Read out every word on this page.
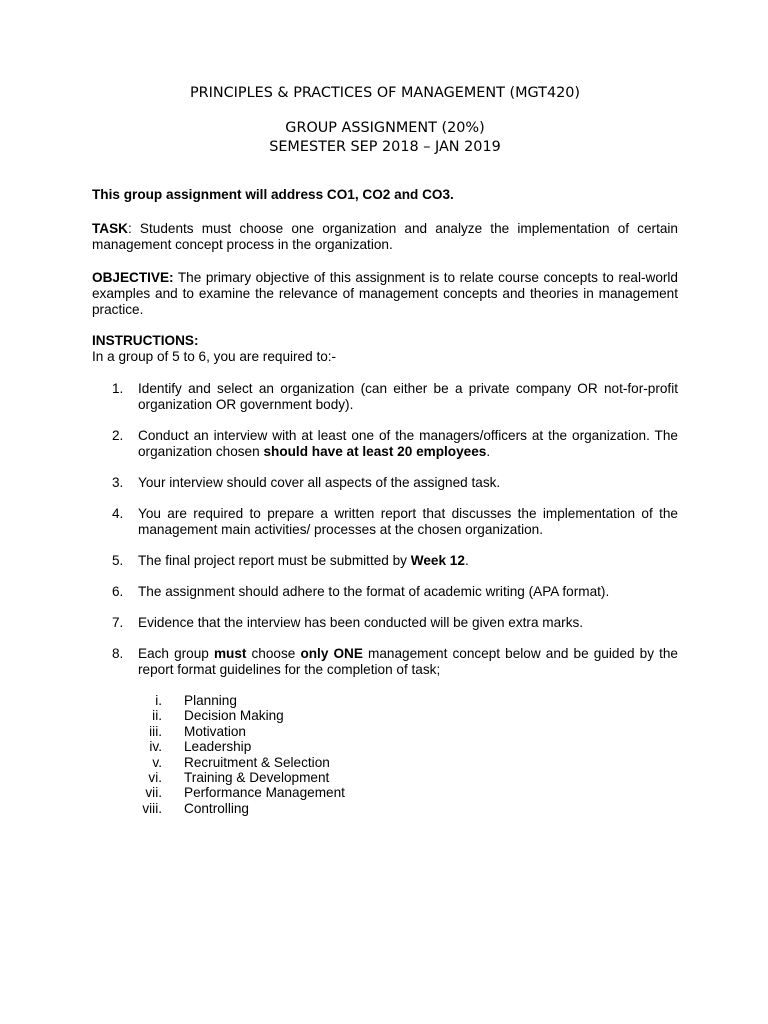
PRINCIPLES & PRACTICES OF MANAGEMENT (MGT420)
GROUP ASSIGNMENT (20%)
SEMESTER SEP 2018 – JAN 2019

This group assignment will address CO1, CO2 and CO3.

TASK: Students must choose one organization and analyze the implementation of certain management concept process in the organization.

OBJECTIVE: The primary objective of this assignment is to relate course concepts to real-world examples and to examine the relevance of management concepts and theories in management practice.

INSTRUCTIONS:

In a group of 5 to 6, you are required to:-

1.	Identify and select an organization (can either be a private company OR not-for-profit organization OR government body).
2.	Conduct an interview with at least one of the managers/officers at the organization. The organization chosen should have at least 20 employees.
3.	Your interview should cover all aspects of the assigned task.
4.	You are required to prepare a written report that discusses the implementation of the management main activities/ processes at the chosen organization.
5.	The final project report must be submitted by Week 12.
6.	The assignment should adhere to the format of academic writing (APA format).
7.	Evidence that the interview has been conducted will be given extra marks.
8.	Each group must choose only ONE management concept below and be guided by the report format guidelines for the completion of task;
i. Planning
ii. Decision Making
iii. Motivation
iv. Leadership
v. Recruitment & Selection
vi. Training & Development
vii. Performance Management
viii. Controlling
